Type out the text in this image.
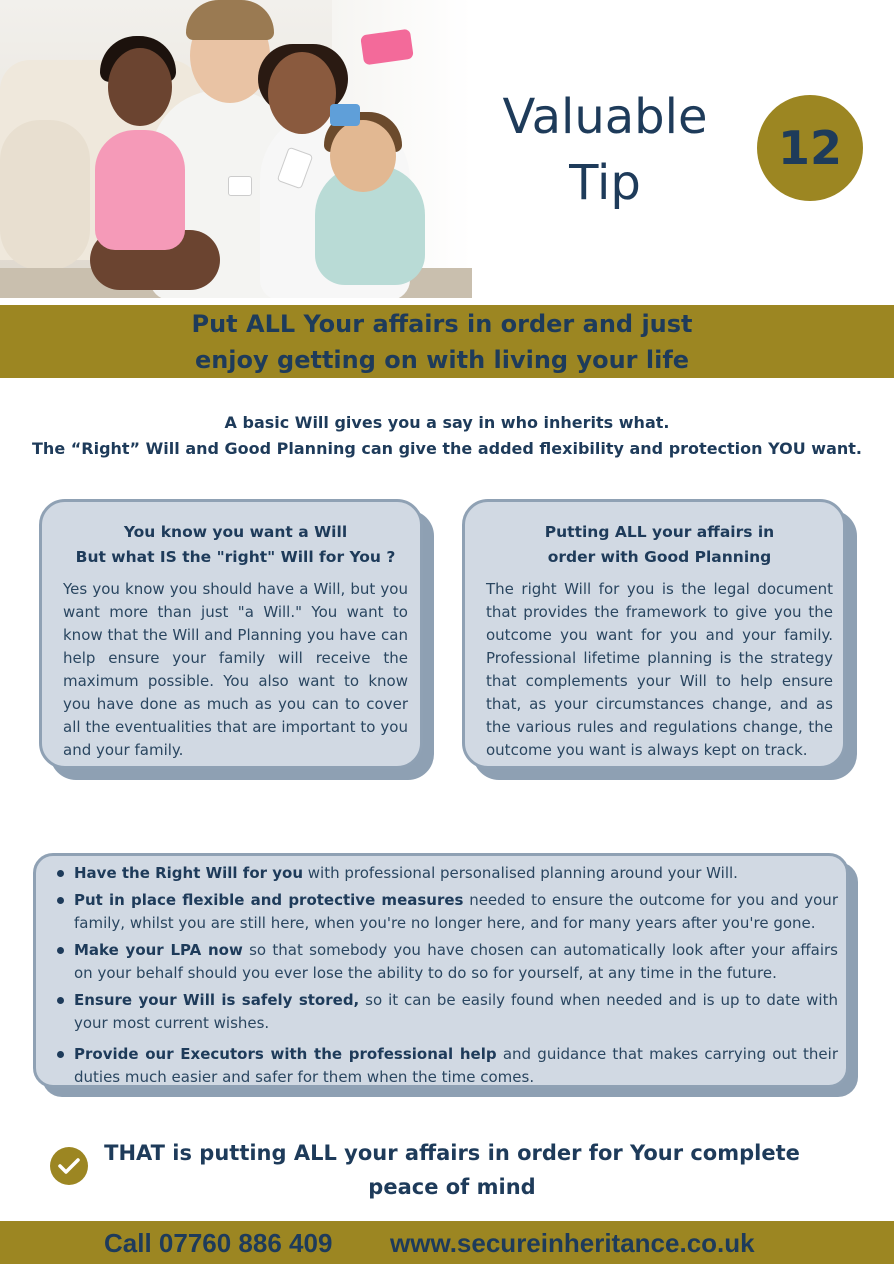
Valuable
Tip
12
Put ALL Your affairs in order and just
enjoy getting on with living your life
A basic Will gives you a say in who inherits what.
The “Right” Will and Good Planning can give the added flexibility and protection YOU want.
You know you want a Will
But what IS the "right" Will for You ?
Yes you know you should have a Will, but you want more than just "a Will." You want to know that the Will and Planning you have can help ensure your family will receive the maximum possible. You also want to know you have done as much as you can to cover all the eventualities that are important to you and your family.
Putting ALL your affairs in
order with Good Planning
The right Will for you is the legal document that provides the framework to give you the outcome you want for you and your family. Professional lifetime planning is the strategy that complements your Will to help ensure that, as your circumstances change, and as the various rules and regulations change, the outcome you want is always kept on track.
Have the Right Will for you with professional personalised planning around your Will.
Put in place flexible and protective measures needed to ensure the outcome for you and your family, whilst you are still here, when you're no longer here, and for many years after you're gone.
Make your LPA now so that somebody you have chosen can automatically look after your affairs on your behalf should you ever lose the ability to do so for yourself, at any time in the future.
Ensure your Will is safely stored, so it can be easily found when needed and is up to date with your most current wishes.
Provide our Executors with the professional help and guidance that makes carrying out their duties much easier and safer for them when the time comes.
THAT is putting ALL your affairs in order for Your complete
peace of mind
Call 07760 886 409 www.secureinheritance.co.uk
